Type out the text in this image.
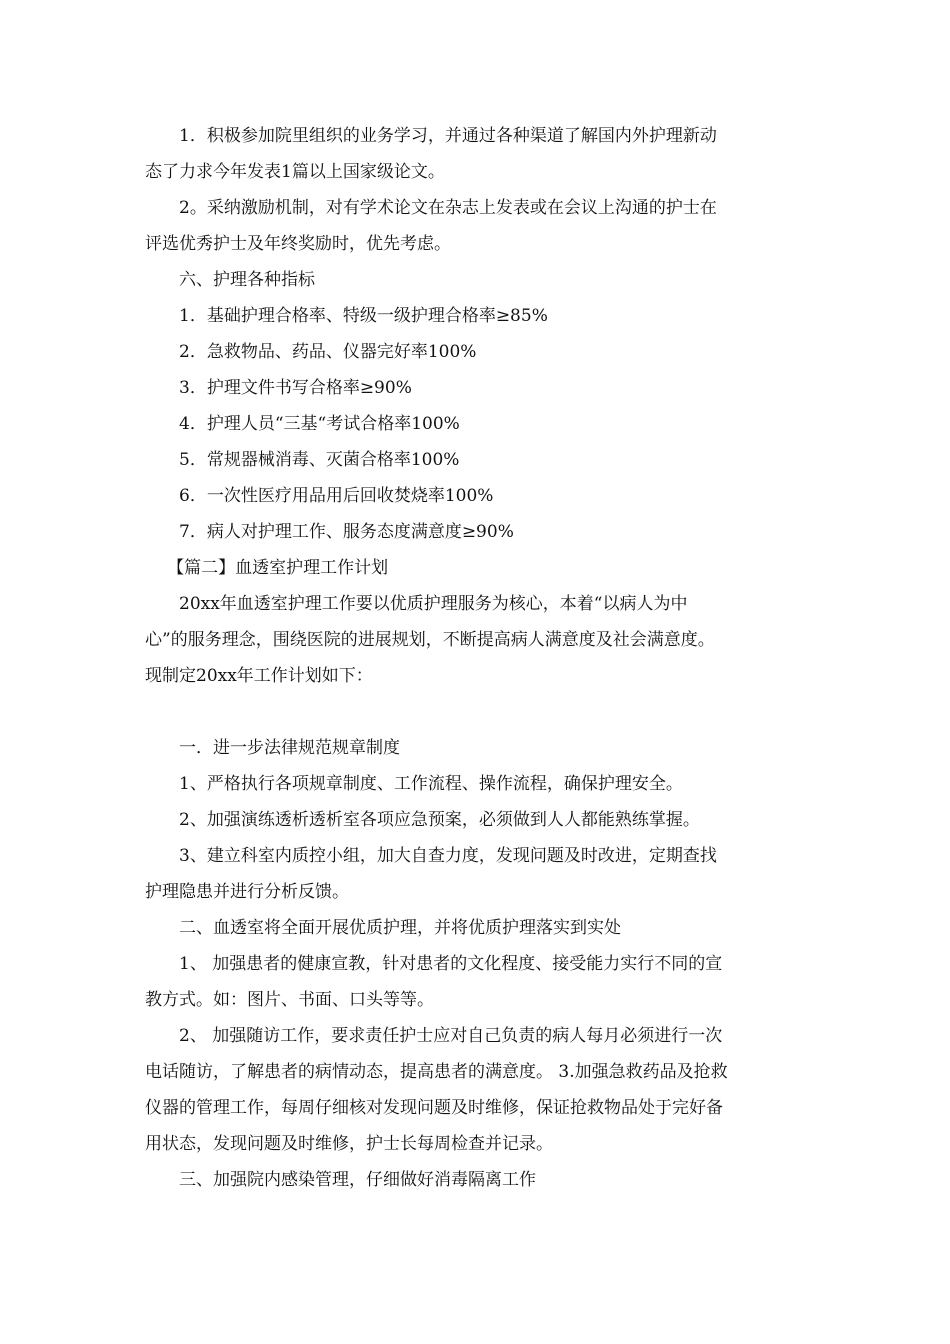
1．积极参加院里组织的业务学习，并通过各种渠道了解国内外护理新动

态了力求今年发表1篇以上国家级论文。

2。采纳激励机制，对有学术论文在杂志上发表或在会议上沟通的护士在

评选优秀护士及年终奖励时，优先考虑。

六、护理各种指标

1．基础护理合格率、特级一级护理合格率≥85%

2．急救物品、药品、仪器完好率100%

3．护理文件书写合格率≥90%

4．护理人员“三基“考试合格率100%

5．常规器械消毒、灭菌合格率100%

6．一次性医疗用品用后回收焚烧率100%

7．病人对护理工作、服务态度满意度≥90%

【篇二】血透室护理工作计划

20xx年血透室护理工作要以优质护理服务为核心，本着“以病人为中

心”的服务理念，围绕医院的进展规划，不断提高病人满意度及社会满意度。

现制定20xx年工作计划如下：

一．进一步法律规范规章制度

1、严格执行各项规章制度、工作流程、操作流程，确保护理安全。

2、加强演练透析透析室各项应急预案，必须做到人人都能熟练掌握。

3、建立科室内质控小组，加大自查力度，发现问题及时改进，定期查找

护理隐患并进行分析反馈。

二、血透室将全面开展优质护理，并将优质护理落实到实处

1、 加强患者的健康宣教，针对患者的文化程度、接受能力实行不同的宣

教方式。如：图片、书面、口头等等。

2、 加强随访工作，要求责任护士应对自己负责的病人每月必须进行一次

电话随访，了解患者的病情动态，提高患者的满意度。 3.加强急救药品及抢救

仪器的管理工作，每周仔细核对发现问题及时维修，保证抢救物品处于完好备

用状态，发现问题及时维修，护士长每周检查并记录。

三、加强院内感染管理，仔细做好消毒隔离工作
